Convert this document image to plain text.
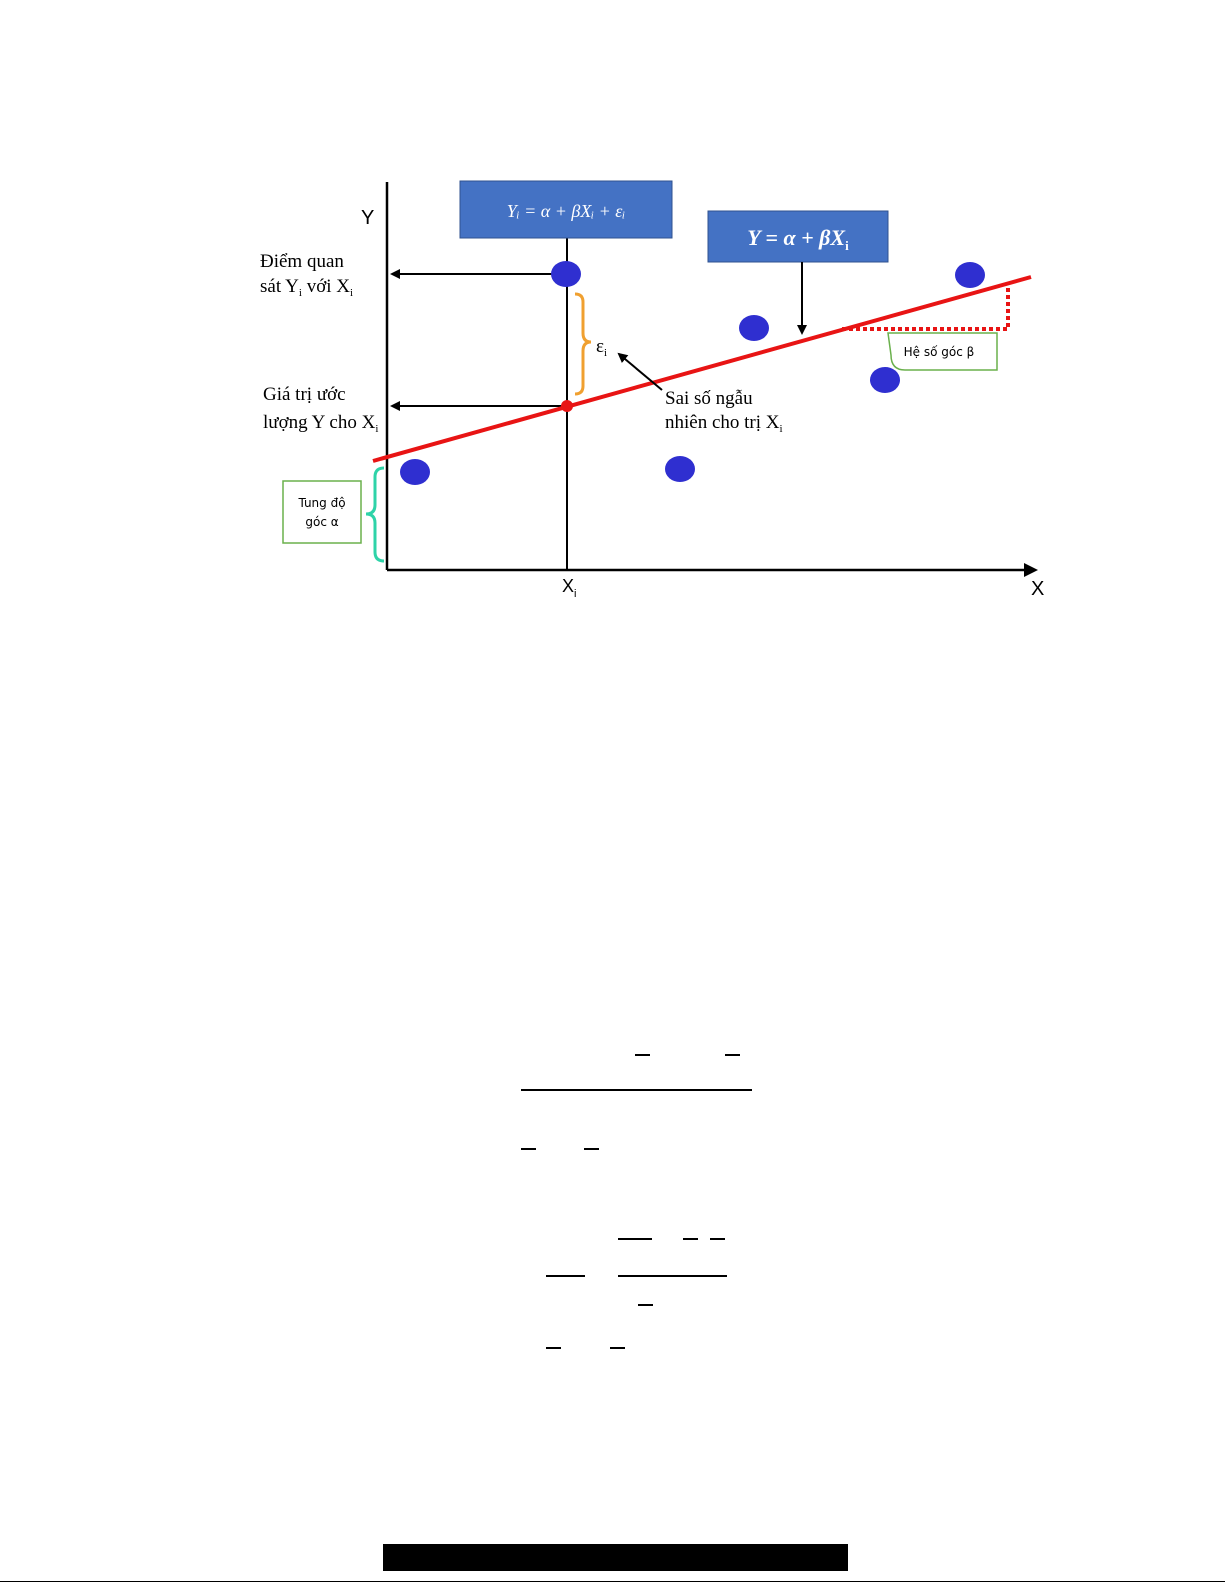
Y
X
$X_i$
$\varepsilon_i$
Yᵢ = α + βXᵢ + εᵢ
$Y = \alpha + \beta X_i$
Hệ số góc β
Tung độ
góc α
Điểm quan
sát $Y_i$ với $X_i$
Giá trị ước
lượng Y cho $X_i$
Sai số ngẫu
nhiên cho trị $X_i$
